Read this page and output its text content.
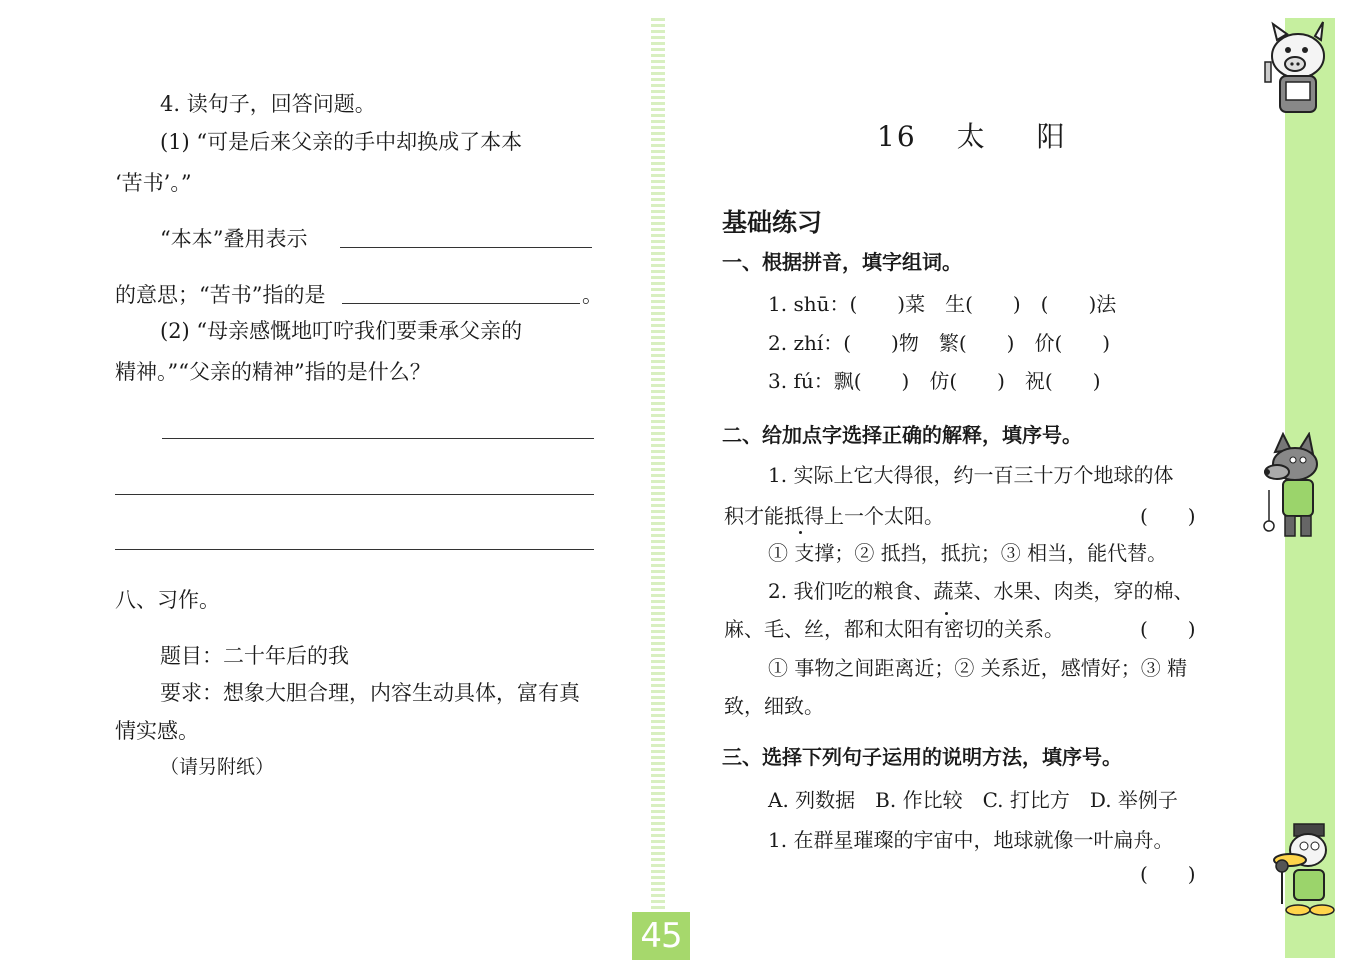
4. 读句子，回答问题。
(1) “可是后来父亲的手中却换成了本本
‘苦书’。”
“本本”叠用表示
的意思；“苦书”指的是	。
(2) “母亲感慨地叮咛我们要秉承父亲的
精神。”“父亲的精神”指的是什么？
八、习作。
题目：二十年后的我
要求：想象大胆合理，内容生动具体，富有真
情实感。
（请另附纸）
16 太 阳
基础练习
一、根据拼音，填字组词。
1. shū：(　　)菜　生(　　)　(　　)法
2. zhí：(　　)物　繁(　　)　价(　　)
3. fú：飘(　　)　仿(　　)　祝(　　)
二、给加点字选择正确的解释，填序号。
1. 实际上它大得很，约一百三十万个地球的体
积才能抵得上一个太阳。	(　　)
① 支撑；② 抵挡，抵抗；③ 相当，能代替。
2. 我们吃的粮食、蔬菜、水果、肉类，穿的棉、
麻、毛、丝，都和太阳有密切的关系。	(　　)
① 事物之间距离近；② 关系近，感情好；③ 精
致，细致。
三、选择下列句子运用的说明方法，填序号。
A. 列数据　B. 作比较　C. 打比方　D. 举例子
1. 在群星璀璨的宇宙中，地球就像一叶扁舟。
(　　)
45
